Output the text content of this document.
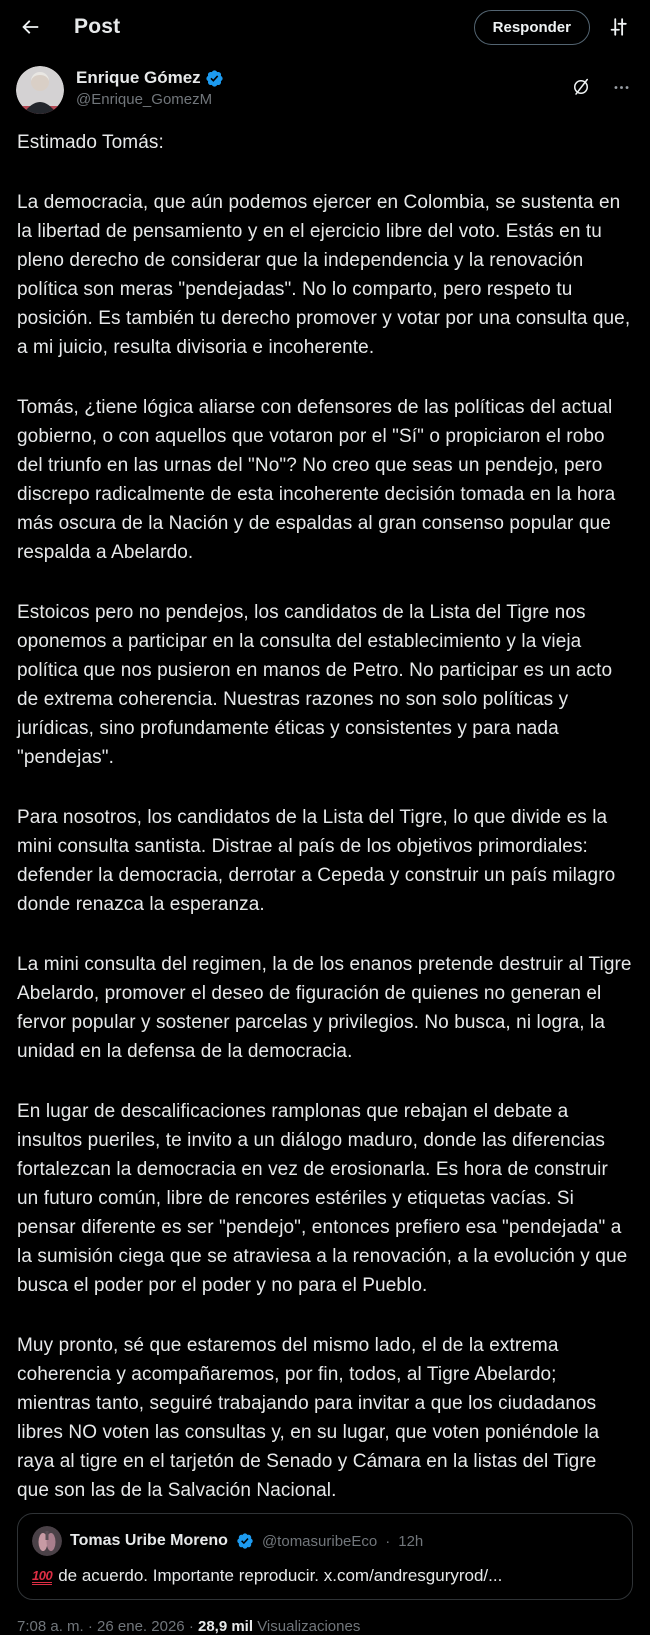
Post	Responder
Enrique Gómez
@Enrique_GomezM

Estimado Tomás:

La democracia, que aún podemos ejercer en Colombia, se sustenta en la libertad de pensamiento y en el ejercicio libre del voto. Estás en tu pleno derecho de considerar que la independencia y la renovación política son meras "pendejadas". No lo comparto, pero respeto tu posición. Es también tu derecho promover y votar por una consulta que, a mi juicio, resulta divisoria e incoherente.

Tomás, ¿tiene lógica aliarse con defensores de las políticas del actual gobierno, o con aquellos que votaron por el "Sí" o propiciaron el robo del triunfo en las urnas del "No"? No creo que seas un pendejo, pero discrepo radicalmente de esta incoherente decisión tomada en la hora más oscura de la Nación y de espaldas al gran consenso popular que respalda a Abelardo.

Estoicos pero no pendejos, los candidatos de la Lista del Tigre nos oponemos a participar en la consulta del establecimiento y la vieja política que nos pusieron en manos de Petro. No participar es un acto de extrema coherencia. Nuestras razones no son solo políticas y jurídicas, sino profundamente éticas y consistentes y para nada "pendejas".

Para nosotros, los candidatos de la Lista del Tigre, lo que divide es la mini consulta santista. Distrae al país de los objetivos primordiales: defender la democracia, derrotar a Cepeda y construir un país milagro donde renazca la esperanza.

La mini consulta del regimen, la de los enanos pretende destruir al Tigre Abelardo, promover el deseo de figuración de quienes no generan el fervor popular y sostener parcelas y privilegios. No busca, ni logra, la unidad en la defensa de la democracia.

En lugar de descalificaciones ramplonas que rebajan el debate a insultos pueriles, te invito a un diálogo maduro, donde las diferencias fortalezcan la democracia en vez de erosionarla. Es hora de construir un futuro común, libre de rencores estériles y etiquetas vacías. Si pensar diferente es ser "pendejo", entonces prefiero esa "pendejada" a la sumisión ciega que se atraviesa a la renovación, a la evolución y que busca el poder por el poder y no para el Pueblo.

Muy pronto, sé que estaremos del mismo lado, el de la extrema coherencia y acompañaremos, por fin, todos, al Tigre Abelardo; mientras tanto, seguiré trabajando para invitar a que los ciudadanos libres NO voten las consultas y, en su lugar, que voten poniéndole la raya al tigre en el tarjetón de Senado y Cámara en la listas del Tigre que son las de la Salvación Nacional.

Tomas Uribe Moreno @tomasuribeEco · 12h
100 de acuerdo. Importante reproducir. x.com/andresguryrod/...
7:08 a. m. · 26 ene. 2026 · 28,9 mil Visualizaciones
